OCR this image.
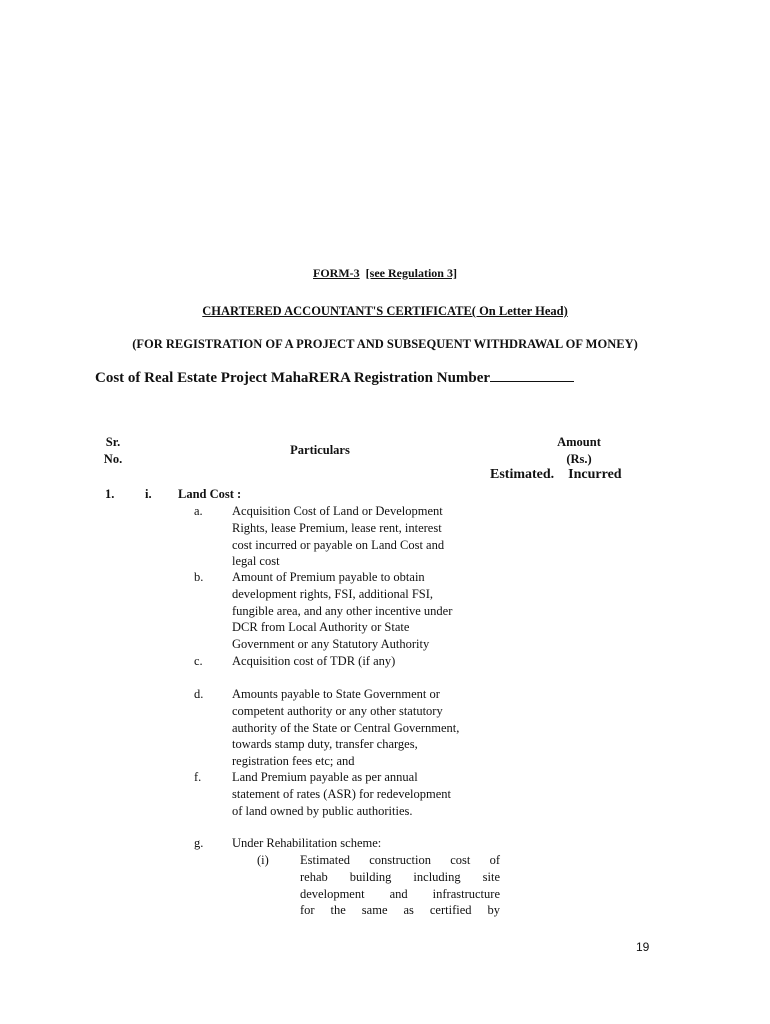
FORM-3 [see Regulation 3]
CHARTERED ACCOUNTANT'S CERTIFICATE( On Letter Head)
(FOR REGISTRATION OF A PROJECT AND SUBSEQUENT WITHDRAWAL OF MONEY)
Cost of Real Estate Project MahaRERA Registration Number
Sr.
No.
Particulars
Amount
(Rs.)
Estimated. Incurred
1. i. Land Cost :
a. Acquisition Cost of Land or Development
Rights, lease Premium, lease rent, interest
cost incurred or payable on Land Cost and
legal cost
b. Amount of Premium payable to obtain
development rights, FSI, additional FSI,
fungible area, and any other incentive under
DCR from Local Authority or State
Government or any Statutory Authority
c. Acquisition cost of TDR (if any)
d. Amounts payable to State Government or
competent authority or any other statutory
authority of the State or Central Government,
towards stamp duty, transfer charges,
registration fees etc; and
f. Land Premium payable as per annual
statement of rates (ASR) for redevelopment
of land owned by public authorities.
g. Under Rehabilitation scheme:
(i) Estimated construction cost of
rehab building including site
development and infrastructure
for the same as certified by
19
